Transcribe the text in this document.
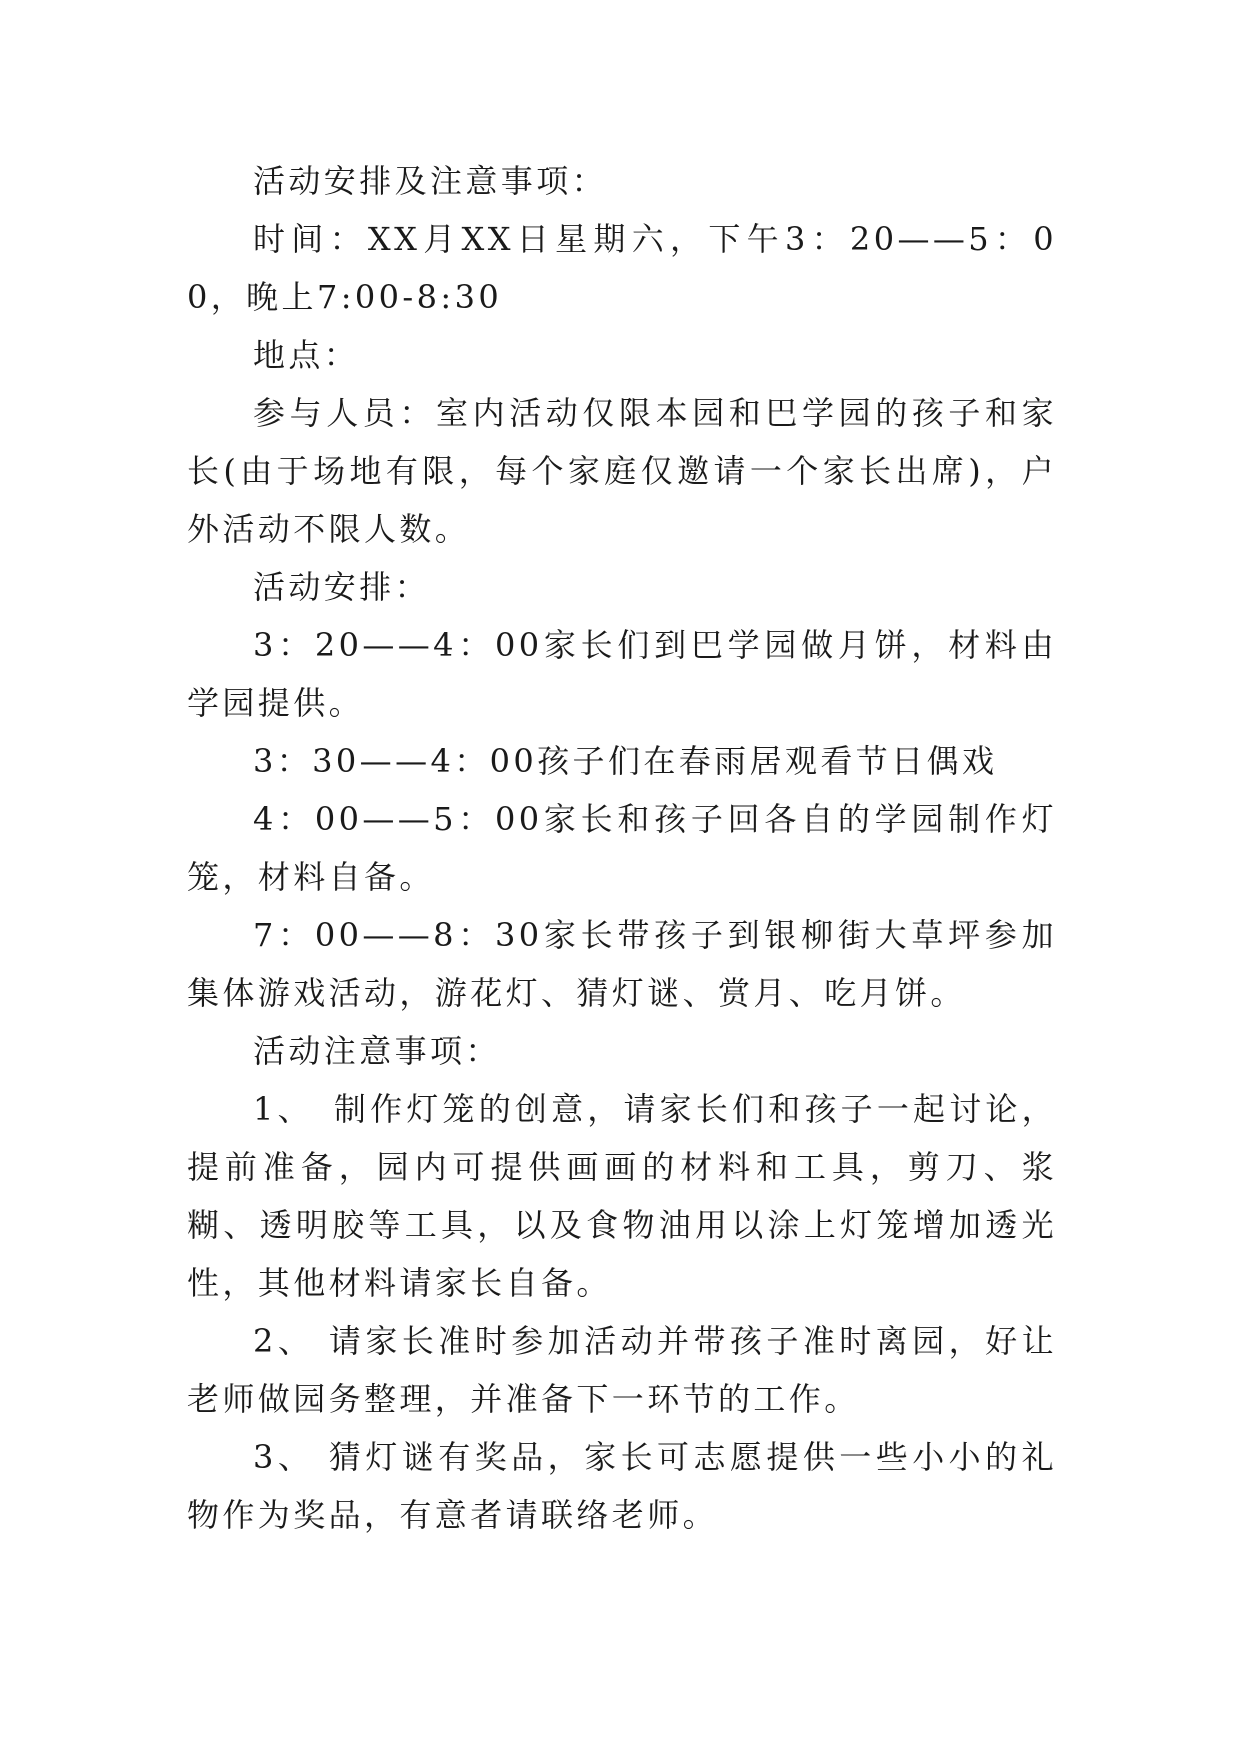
活动安排及注意事项：

时间：XX月XX日星期六，下午3：20——5：00，晚上7:00-8:30

地点：

参与人员：室内活动仅限本园和巴学园的孩子和家长(由于场地有限，每个家庭仅邀请一个家长出席)，户外活动不限人数。

活动安排：

3：20——4：00家长们到巴学园做月饼，材料由学园提供。

3：30——4：00孩子们在春雨居观看节日偶戏

4：00——5：00家长和孩子回各自的学园制作灯笼，材料自备。

7：00——8：30家长带孩子到银柳街大草坪参加集体游戏活动，游花灯、猜灯谜、赏月、吃月饼。

活动注意事项：

1、　制作灯笼的创意，请家长们和孩子一起讨论，提前准备，园内可提供画画的材料和工具，剪刀、浆糊、透明胶等工具，以及食物油用以涂上灯笼增加透光性，其他材料请家长自备。

2、 请家长准时参加活动并带孩子准时离园，好让老师做园务整理，并准备下一环节的工作。

3、 猜灯谜有奖品，家长可志愿提供一些小小的礼物作为奖品，有意者请联络老师。
